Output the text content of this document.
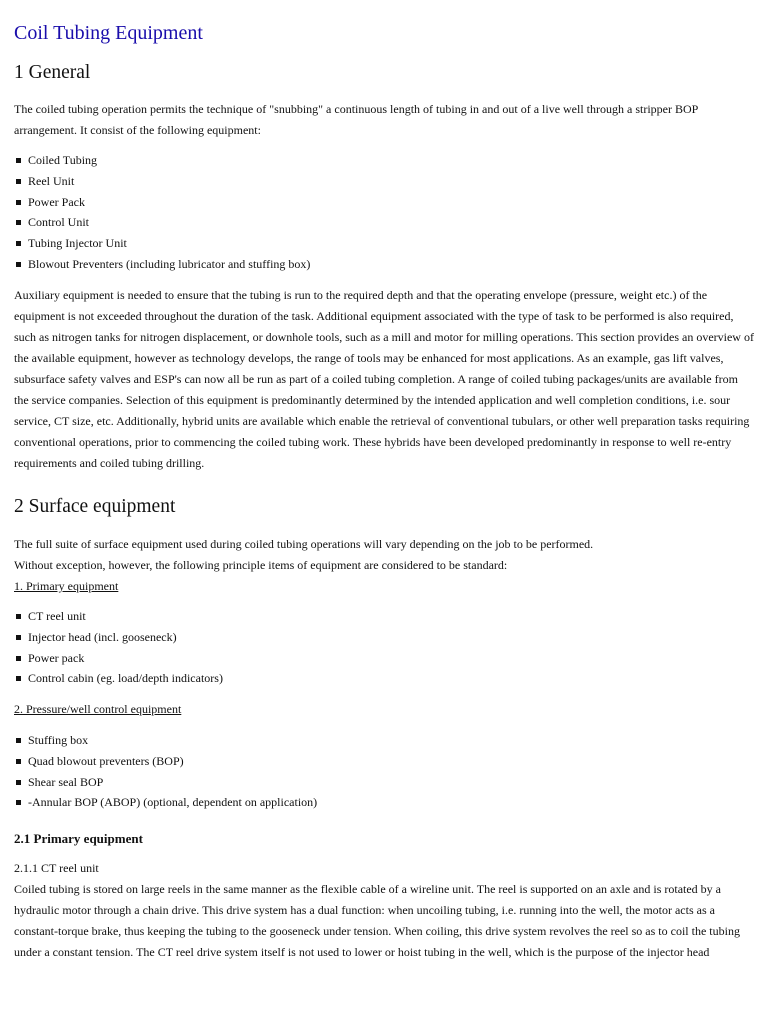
Coil Tubing Equipment
1 General

The coiled tubing operation permits the technique of "snubbing" a continuous length of tubing in and out of a live well through a stripper BOP arrangement. It consist of the following equipment:

Coiled Tubing
Reel Unit
Power Pack
Control Unit
Tubing Injector Unit
Blowout Preventers (including lubricator and stuffing box)

Auxiliary equipment is needed to ensure that the tubing is run to the required depth and that the operating envelope (pressure, weight etc.) of the equipment is not exceeded throughout the duration of the task. Additional equipment associated with the type of task to be performed is also required, such as nitrogen tanks for nitrogen displacement, or downhole tools, such as a mill and motor for milling operations. This section provides an overview of the available equipment, however as technology develops, the range of tools may be enhanced for most applications. As an example, gas lift valves, subsurface safety valves and ESP's can now all be run as part of a coiled tubing completion. A range of coiled tubing packages/units are available from the service companies. Selection of this equipment is predominantly determined by the intended application and well completion conditions, i.e. sour service, CT size, etc. Additionally, hybrid units are available which enable the retrieval of conventional tubulars, or other well preparation tasks requiring conventional operations, prior to commencing the coiled tubing work. These hybrids have been developed predominantly in response to well re-entry requirements and coiled tubing drilling.

2 Surface equipment

The full suite of surface equipment used during coiled tubing operations will vary depending on the job to be performed.

Without exception, however, the following principle items of equipment are considered to be standard:

1. Primary equipment
CT reel unit
Injector head (incl. gooseneck)
Power pack
Control cabin (eg. load/depth indicators)
2. Pressure/well control equipment
Stuffing box
Quad blowout preventers (BOP)
Shear seal BOP
-Annular BOP (ABOP) (optional, dependent on application)
2.1 Primary equipment
2.1.1 CT reel unit

Coiled tubing is stored on large reels in the same manner as the flexible cable of a wireline unit. The reel is supported on an axle and is rotated by a hydraulic motor through a chain drive. This drive system has a dual function: when uncoiling tubing, i.e. running into the well, the motor acts as a constant-torque brake, thus keeping the tubing to the gooseneck under tension. When coiling, this drive system revolves the reel so as to coil the tubing under a constant tension. The CT reel drive system itself is not used to lower or hoist tubing in the well, which is the purpose of the injector head
